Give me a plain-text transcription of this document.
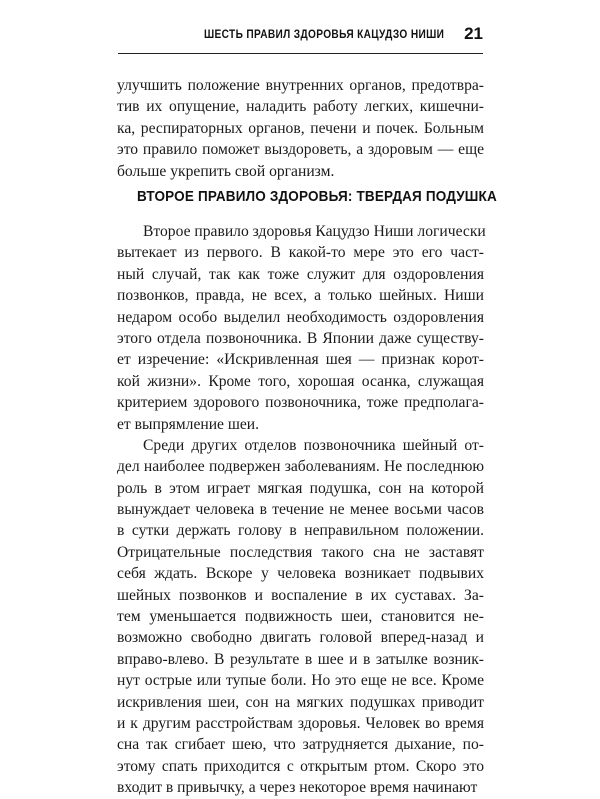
ШЕСТЬ ПРАВИЛ ЗДОРОВЬЯ КАЦУДЗО НИШИ 21
улучшить положение внутренних органов, предотвра-
тив их опущение, наладить работу легких, кишечни-
ка, респираторных органов, печени и почек. Больным
это правило поможет выздороветь, а здоровым — еще
больше укрепить свой организм.
ВТОРОЕ ПРАВИЛО ЗДОРОВЬЯ: ТВЕРДАЯ ПОДУШКА
Второе правило здоровья Кацудзо Ниши логически
вытекает из первого. В какой-то мере это его част-
ный случай, так как тоже служит для оздоровления
позвонков, правда, не всех, а только шейных. Ниши
недаром особо выделил необходимость оздоровления
этого отдела позвоночника. В Японии даже существу-
ет изречение: «Искривленная шея — признак корот-
кой жизни». Кроме того, хорошая осанка, служащая
критерием здорового позвоночника, тоже предполага-
ет выпрямление шеи.
Среди других отделов позвоночника шейный от-
дел наиболее подвержен заболеваниям. Не последнюю
роль в этом играет мягкая подушка, сон на которой
вынуждает человека в течение не менее восьми часов
в сутки держать голову в неправильном положении.
Отрицательные последствия такого сна не заставят
себя ждать. Вскоре у человека возникает подвывих
шейных позвонков и воспаление в их суставах. За-
тем уменьшается подвижность шеи, становится не-
возможно свободно двигать головой вперед-назад и
вправо-влево. В результате в шее и в затылке возник-
нут острые или тупые боли. Но это еще не все. Кроме
искривления шеи, сон на мягких подушках приводит
и к другим расстройствам здоровья. Человек во время
сна так сгибает шею, что затрудняется дыхание, по-
этому спать приходится с открытым ртом. Скоро это
входит в привычку, а через некоторое время начинают
